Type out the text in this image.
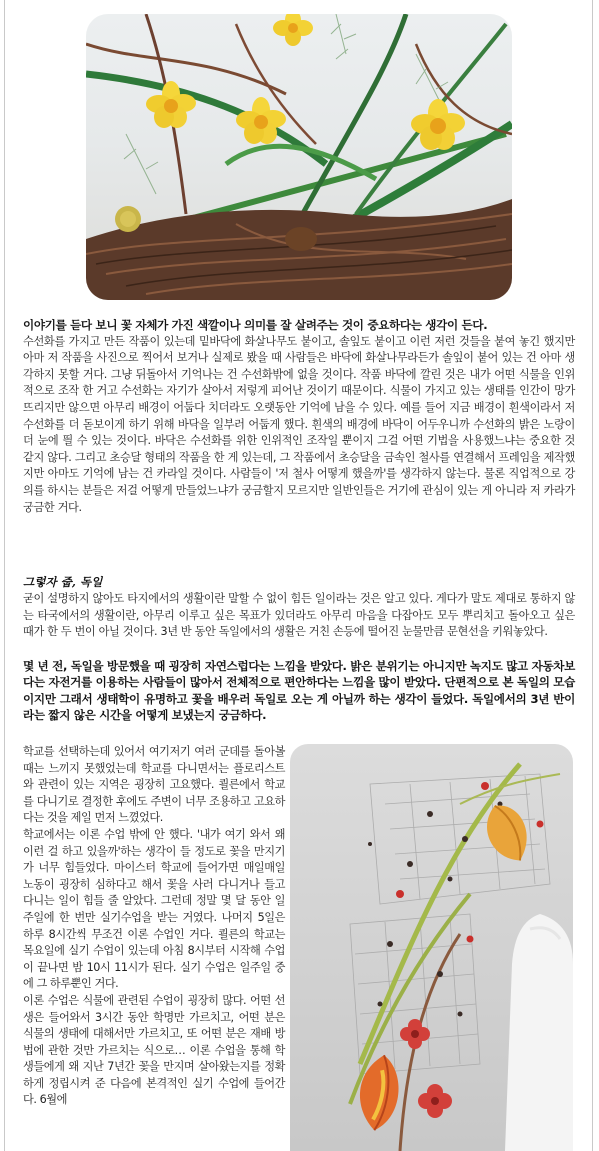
이야기를 듣다 보니 꽃 자체가 가진 색깔이나 의미를 잘 살려주는 것이 중요하다는 생각이 든다.

수선화를 가지고 만든 작품이 있는데 밑바닥에 화살나무도 붙이고, 솔잎도 붙이고 이런 저런 것들을 붙여 놓긴 했지만 아마 저 작품을 사진으로 찍어서 보거나 실제로 봤을 때 사람들은 바닥에 화살나무라든가 솔잎이 붙어 있는 건 아마 생각하지 못할 거다. 그냥 뒤돌아서 기억나는 건 수선화밖에 없을 것이다. 작품 바닥에 깔린 것은 내가 어떤 식물을 인위적으로 조작 한 거고 수선화는 자기가 살아서 저렇게 피어난 것이기 때문이다. 식물이 가지고 있는 생태를 인간이 망가뜨리지만 않으면 아무리 배경이 어둡다 치더라도 오랫동안 기억에 남을 수 있다. 예를 들어 지금 배경이 흰색이라서 저 수선화를 더 돋보이게 하기 위해 바닥을 일부러 어둡게 했다. 흰색의 배경에 바닥이 어두우니까 수선화의 밝은 노랑이 더 눈에 띌 수 있는 것이다. 바닥은 수선화를 위한 인위적인 조작일 뿐이지 그걸 어떤 기법을 사용했느냐는 중요한 것 같지 않다. 그리고 초승달 형태의 작품을 한 게 있는데, 그 작품에서 초승달을 금속인 철사를 연결해서 프레임을 제작했지만 아마도 기억에 남는 건 카라일 것이다. 사람들이 '저 철사 어떻게 했을까'를 생각하지 않는다. 물론 직업적으로 강의를 하시는 분들은 저걸 어떻게 만들었느냐가 궁금할지 모르지만 일반인들은 거기에 관심이 있는 게 아니라 저 카라가 궁금한 거다.

그렇자 줍, 독일

굳이 설명하지 않아도 타지에서의 생활이란 말할 수 없이 힘든 일이라는 것은 알고 있다. 게다가 말도 제대로 통하지 않는 타국에서의 생활이란, 아무리 이루고 싶은 목표가 있더라도 아무리 마음을 다잡아도 모두 뿌리치고 돌아오고 싶은 때가 한 두 번이 아닐 것이다. 3년 반 동안 독일에서의 생활은 거친 손등에 떨어진 눈물만큼 문현선을 키워놓았다.

몇 년 전, 독일을 방문했을 때 굉장히 자연스럽다는 느낌을 받았다. 밝은 분위기는 아니지만 녹지도 많고 자동차보다는 자전거를 이용하는 사람들이 많아서 전체적으로 편안하다는 느낌을 많이 받았다. 단편적으로 본 독일의 모습이지만 그래서 생태학이 유명하고 꽃을 배우러 독일로 오는 게 아닐까 하는 생각이 들었다. 독일에서의 3년 반이라는 짧지 않은 시간을 어떻게 보냈는지 궁금하다.

학교를 선택하는데 있어서 여기저기 여러 군데를 돌아볼 때는 느끼지 못했었는데 학교를 다니면서는 플로리스트와 관련이 있는 지역은 굉장히 고요했다. 쾰른에서 학교를 다니기로 결정한 후에도 주변이 너무 조용하고 고요하다는 것을 제일 먼저 느꼈었다.

학교에서는 이론 수업 밖에 안 했다. '내가 여기 와서 왜 이런 걸 하고 있을까'하는 생각이 들 정도로 꽃을 만지기가 너무 힘들었다. 마이스터 학교에 들어가면 매일매일 노동이 굉장히 심하다고 해서 꽃을 사러 다니거나 들고 다니는 일이 힘들 줄 알았다. 그런데 정말 몇 달 동안 일주일에 한 번만 실기수업을 받는 거였다. 나머지 5일은 하루 8시간씩 무조건 이론 수업인 거다. 쾰른의 학교는 목요일에 실기 수업이 있는데 아침 8시부터 시작해 수업이 끝나면 밤 10시 11시가 된다. 실기 수업은 일주일 중에 그 하루뿐인 거다.

이론 수업은 식물에 관련된 수업이 굉장히 많다. 어떤 선생은 들어와서 3시간 동안 학명만 가르치고, 어떤 분은 식물의 생태에 대해서만 가르치고, 또 어떤 분은 재배 방법에 관한 것만 가르치는 식으로… 이론 수업을 통해 학생들에게 왜 지난 7년간 꽃을 만지며 살아왔는지를 정확하게 정립시켜 준 다음에 본격적인 실기 수업에 들어간다. 6월에
